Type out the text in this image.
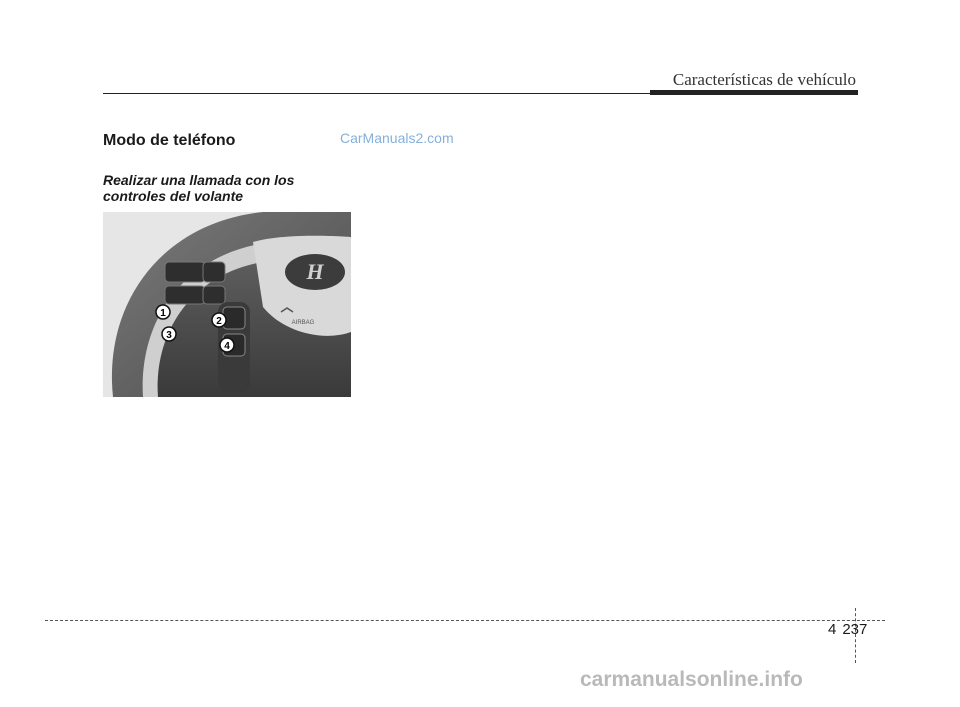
Características de vehículo
Modo de teléfono
Realizar una llamada con los controles del volante
H
AIRBAG
1
2
3
4
CarManuals2.com
4 237
carmanualsonline.info
